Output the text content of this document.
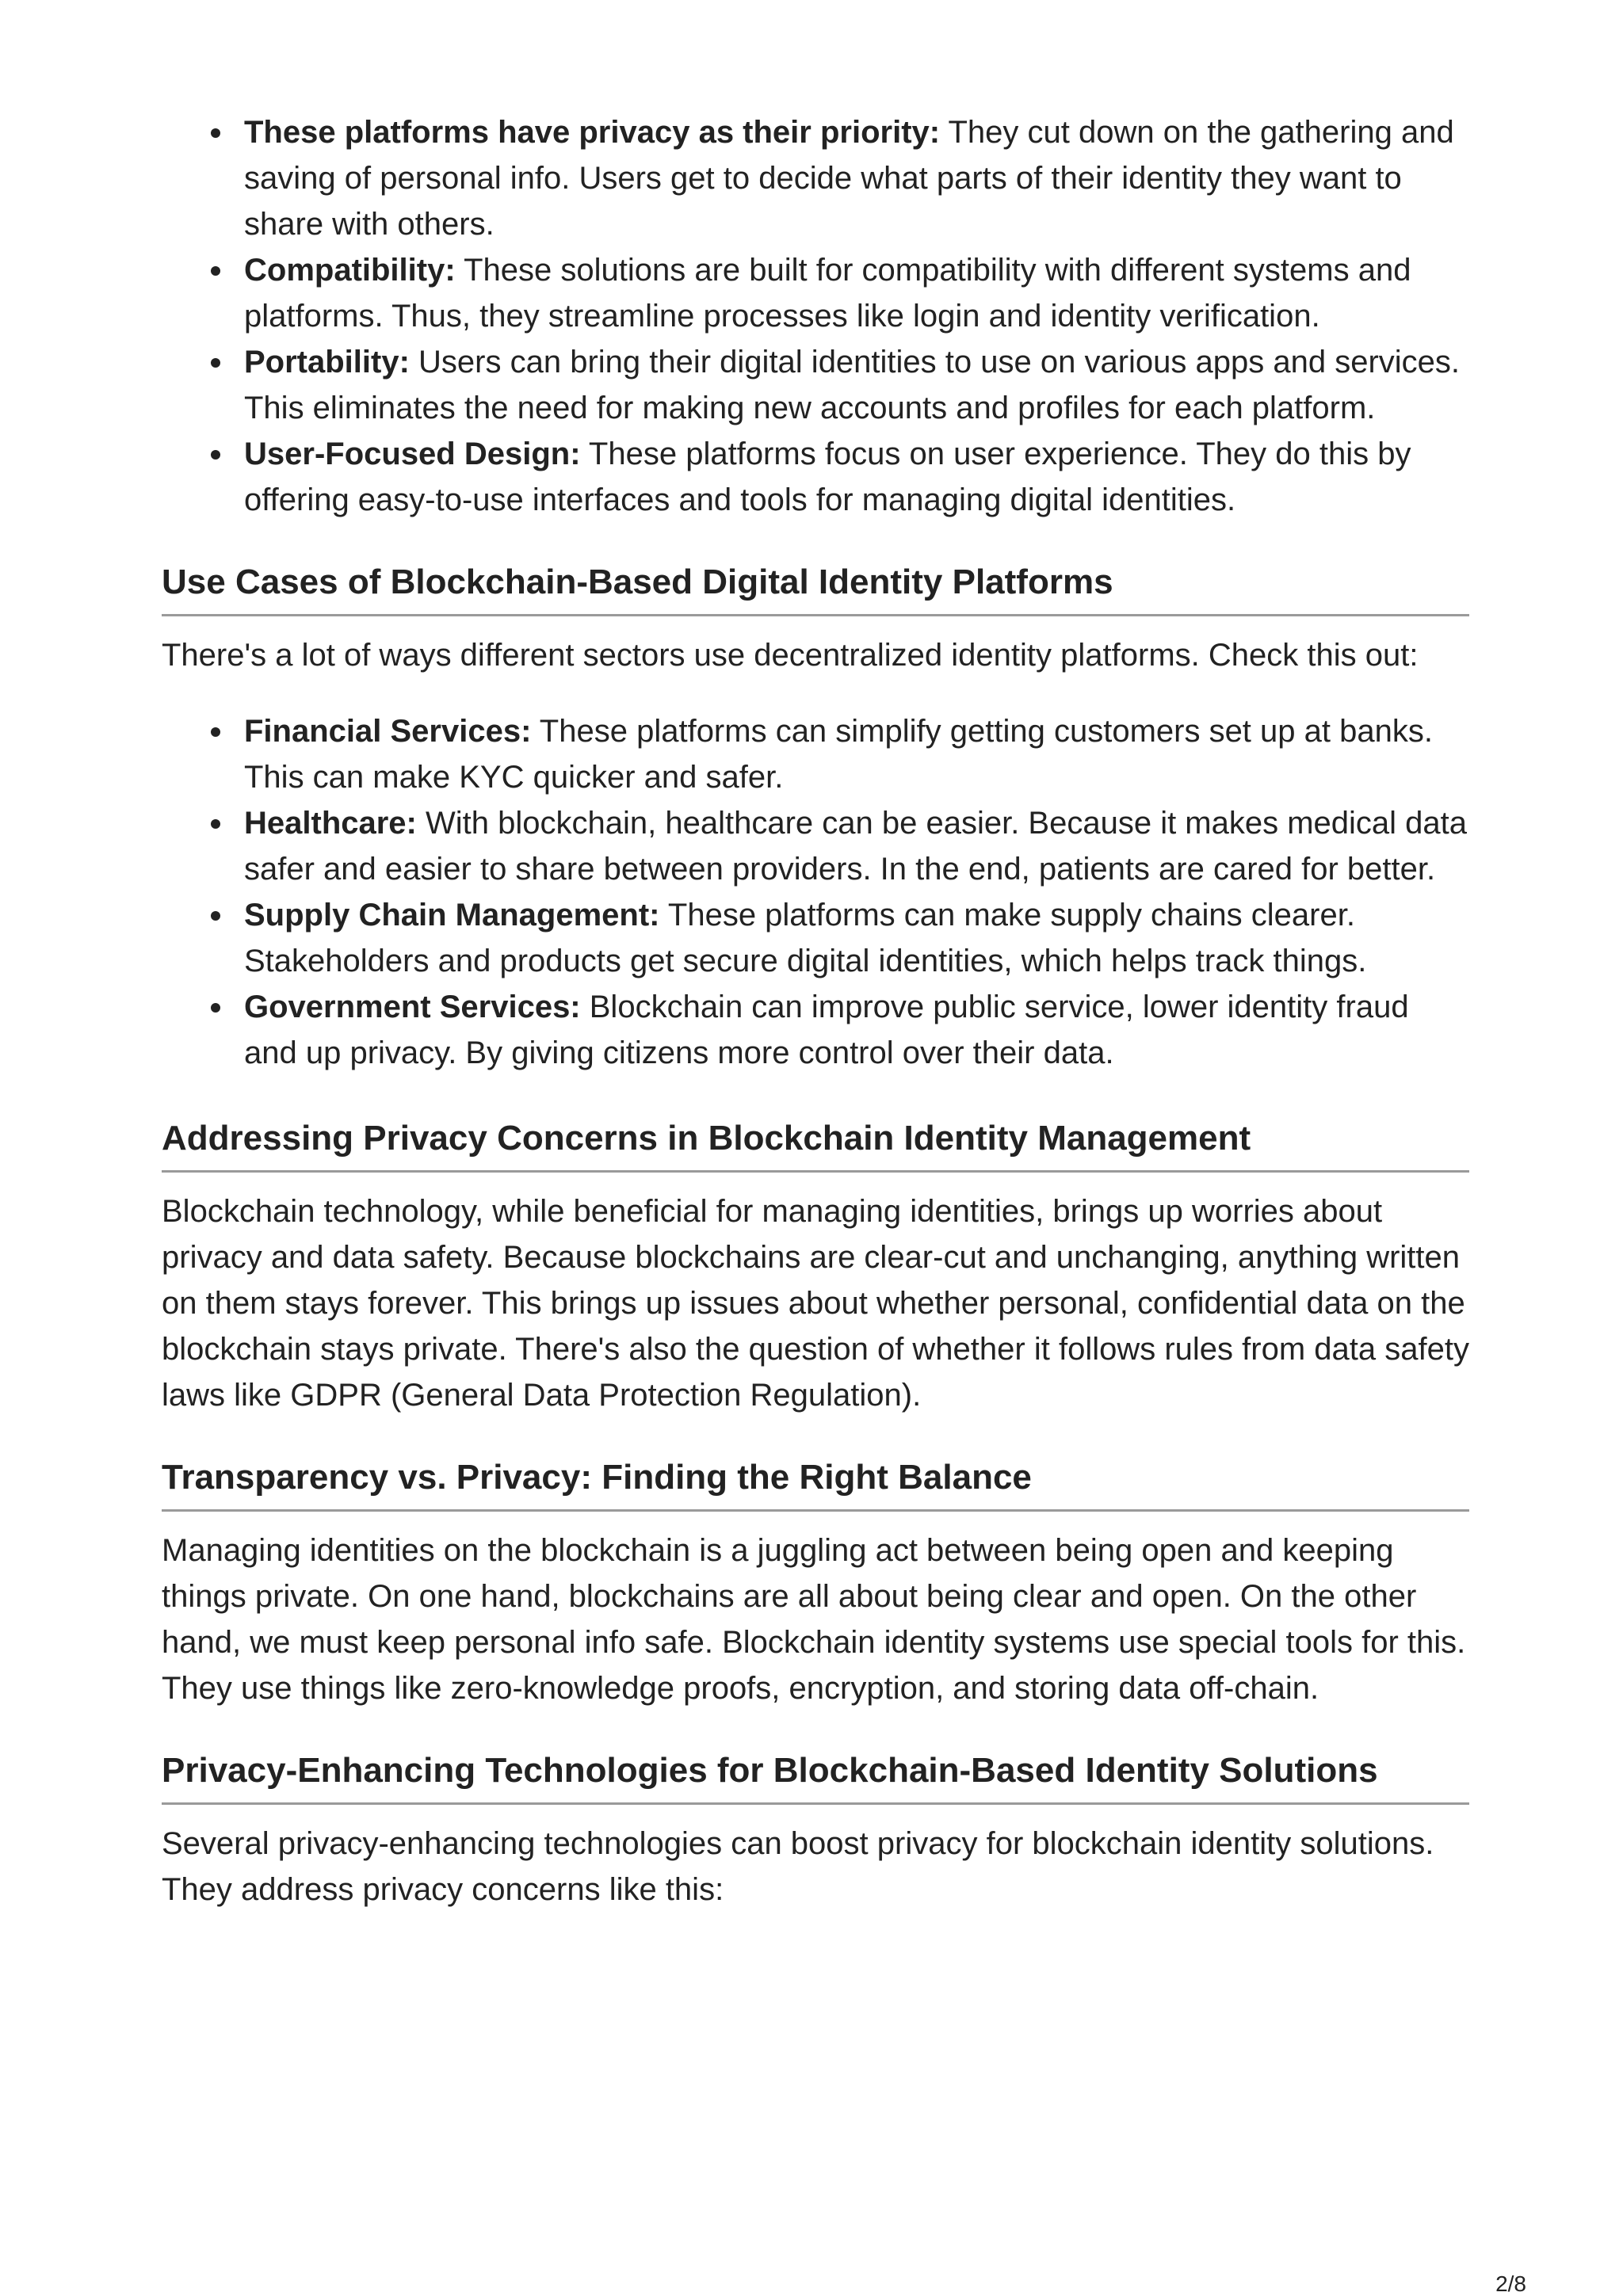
These platforms have privacy as their priority: They cut down on the gathering and saving of personal info. Users get to decide what parts of their identity they want to share with others.
Compatibility: These solutions are built for compatibility with different systems and platforms. Thus, they streamline processes like login and identity verification.
Portability: Users can bring their digital identities to use on various apps and services. This eliminates the need for making new accounts and profiles for each platform.
User-Focused Design: These platforms focus on user experience. They do this by offering easy-to-use interfaces and tools for managing digital identities.
Use Cases of Blockchain-Based Digital Identity Platforms

There's a lot of ways different sectors use decentralized identity platforms. Check this out:

Financial Services: These platforms can simplify getting customers set up at banks. This can make KYC quicker and safer.
Healthcare: With blockchain, healthcare can be easier. Because it makes medical data safer and easier to share between providers. In the end, patients are cared for better.
Supply Chain Management: These platforms can make supply chains clearer. Stakeholders and products get secure digital identities, which helps track things.
Government Services: Blockchain can improve public service, lower identity fraud and up privacy. By giving citizens more control over their data.
Addressing Privacy Concerns in Blockchain Identity Management

Blockchain technology, while beneficial for managing identities, brings up worries about privacy and data safety. Because blockchains are clear-cut and unchanging, anything written on them stays forever. This brings up issues about whether personal, confidential data on the blockchain stays private. There's also the question of whether it follows rules from data safety laws like GDPR (General Data Protection Regulation).

Transparency vs. Privacy: Finding the Right Balance

Managing identities on the blockchain is a juggling act between being open and keeping things private. On one hand, blockchains are all about being clear and open. On the other hand, we must keep personal info safe. Blockchain identity systems use special tools for this. They use things like zero-knowledge proofs, encryption, and storing data off-chain.

Privacy-Enhancing Technologies for Blockchain-Based Identity Solutions

Several privacy-enhancing technologies can boost privacy for blockchain identity solutions. They address privacy concerns like this:

2/8
